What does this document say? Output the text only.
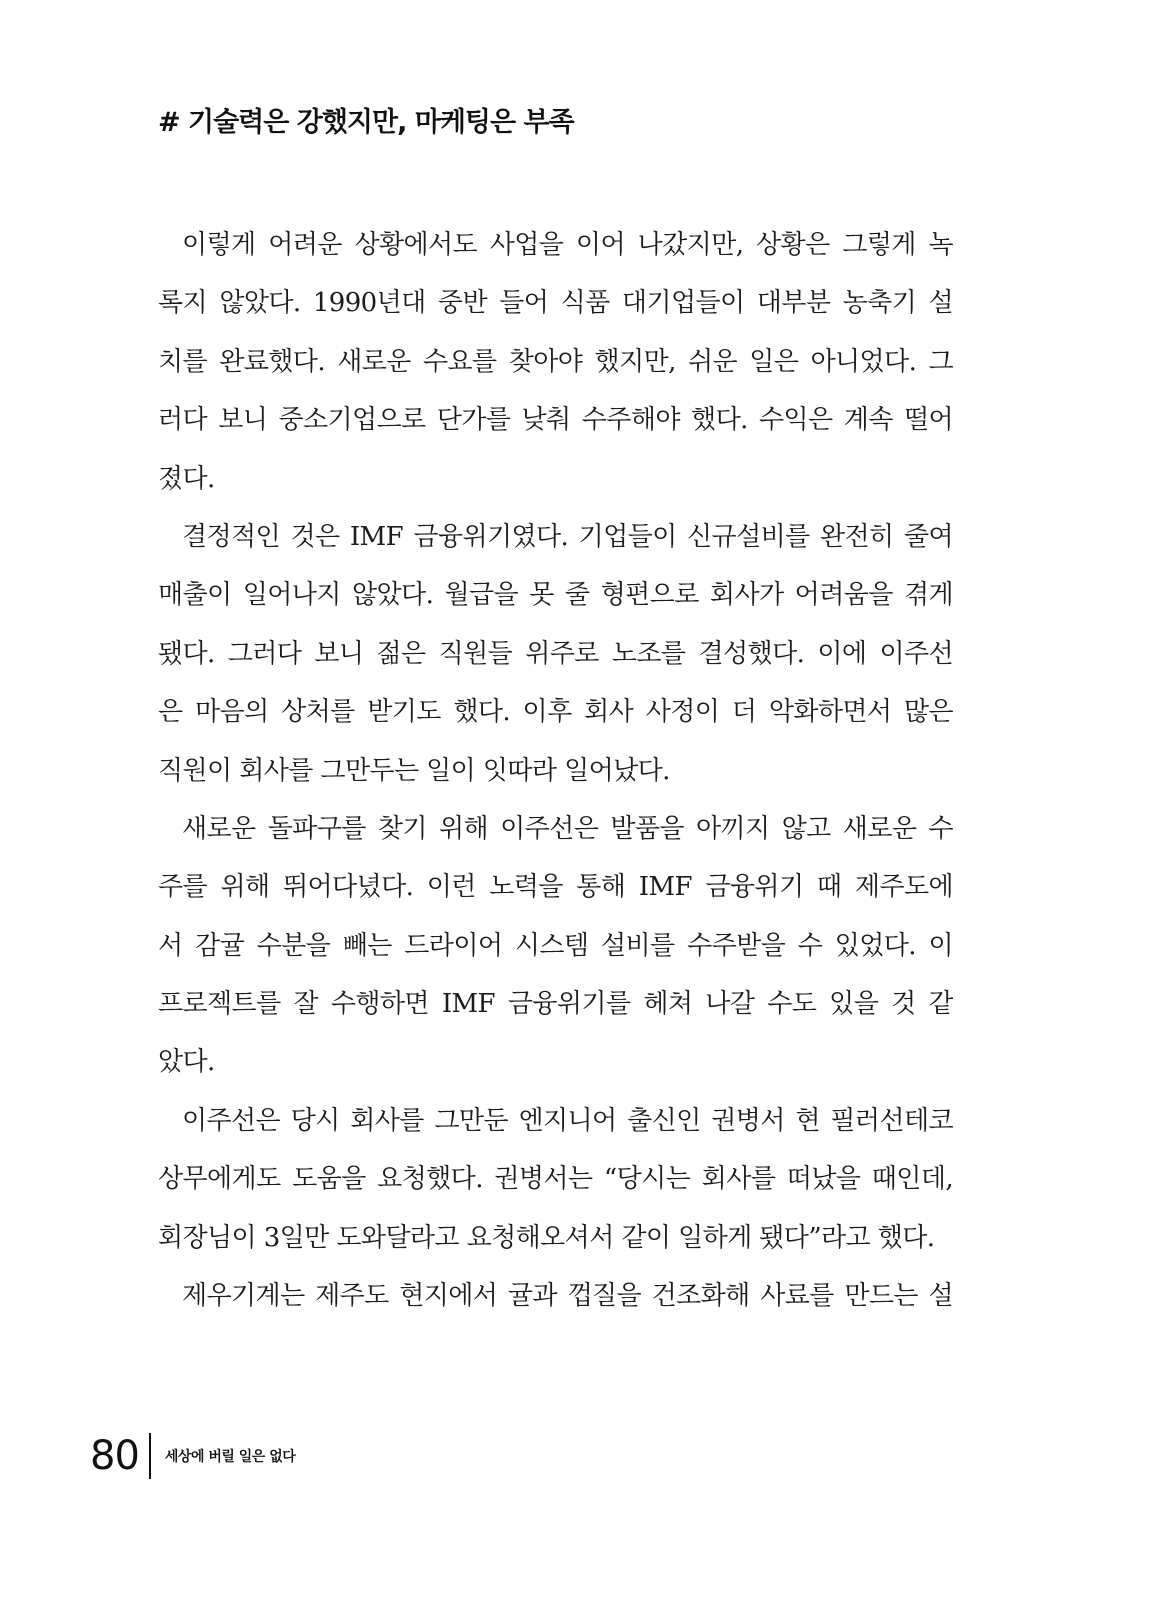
# 기술력은 강했지만, 마케팅은 부족
이렇게 어려운 상황에서도 사업을 이어 나갔지만, 상황은 그렇게 녹
록지 않았다. 1990년대 중반 들어 식품 대기업들이 대부분 농축기 설
치를 완료했다. 새로운 수요를 찾아야 했지만, 쉬운 일은 아니었다. 그
러다 보니 중소기업으로 단가를 낮춰 수주해야 했다. 수익은 계속 떨어
졌다.
결정적인 것은 IMF 금융위기였다. 기업들이 신규설비를 완전히 줄여
매출이 일어나지 않았다. 월급을 못 줄 형편으로 회사가 어려움을 겪게
됐다. 그러다 보니 젊은 직원들 위주로 노조를 결성했다. 이에 이주선
은 마음의 상처를 받기도 했다. 이후 회사 사정이 더 악화하면서 많은
직원이 회사를 그만두는 일이 잇따라 일어났다.
새로운 돌파구를 찾기 위해 이주선은 발품을 아끼지 않고 새로운 수
주를 위해 뛰어다녔다. 이런 노력을 통해 IMF 금융위기 때 제주도에
서 감귤 수분을 빼는 드라이어 시스템 설비를 수주받을 수 있었다. 이
프로젝트를 잘 수행하면 IMF 금융위기를 헤쳐 나갈 수도 있을 것 같
았다.
이주선은 당시 회사를 그만둔 엔지니어 출신인 권병서 현 필러선테코
상무에게도 도움을 요청했다. 권병서는 “당시는 회사를 떠났을 때인데,
회장님이 3일만 도와달라고 요청해오셔서 같이 일하게 됐다”라고 했다.
제우기계는 제주도 현지에서 귤과 껍질을 건조화해 사료를 만드는 설
80 세상에 버릴 일은 없다
